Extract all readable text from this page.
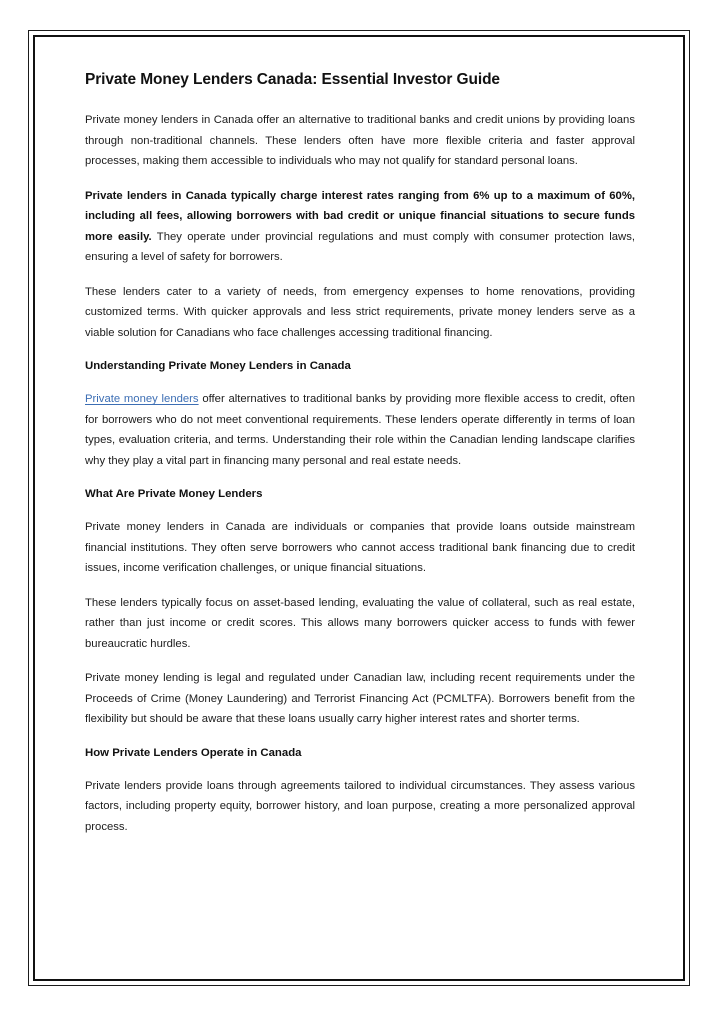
Private Money Lenders Canada: Essential Investor Guide

Private money lenders in Canada offer an alternative to traditional banks and credit unions by providing loans through non-traditional channels. These lenders often have more flexible criteria and faster approval processes, making them accessible to individuals who may not qualify for standard personal loans.

Private lenders in Canada typically charge interest rates ranging from 6% up to a maximum of 60%, including all fees, allowing borrowers with bad credit or unique financial situations to secure funds more easily. They operate under provincial regulations and must comply with consumer protection laws, ensuring a level of safety for borrowers.

These lenders cater to a variety of needs, from emergency expenses to home renovations, providing customized terms. With quicker approvals and less strict requirements, private money lenders serve as a viable solution for Canadians who face challenges accessing traditional financing.

Understanding Private Money Lenders in Canada

Private money lenders offer alternatives to traditional banks by providing more flexible access to credit, often for borrowers who do not meet conventional requirements. These lenders operate differently in terms of loan types, evaluation criteria, and terms. Understanding their role within the Canadian lending landscape clarifies why they play a vital part in financing many personal and real estate needs.

What Are Private Money Lenders

Private money lenders in Canada are individuals or companies that provide loans outside mainstream financial institutions. They often serve borrowers who cannot access traditional bank financing due to credit issues, income verification challenges, or unique financial situations.

These lenders typically focus on asset-based lending, evaluating the value of collateral, such as real estate, rather than just income or credit scores. This allows many borrowers quicker access to funds with fewer bureaucratic hurdles.

Private money lending is legal and regulated under Canadian law, including recent requirements under the Proceeds of Crime (Money Laundering) and Terrorist Financing Act (PCMLTFA). Borrowers benefit from the flexibility but should be aware that these loans usually carry higher interest rates and shorter terms.

How Private Lenders Operate in Canada

Private lenders provide loans through agreements tailored to individual circumstances. They assess various factors, including property equity, borrower history, and loan purpose, creating a more personalized approval process.
